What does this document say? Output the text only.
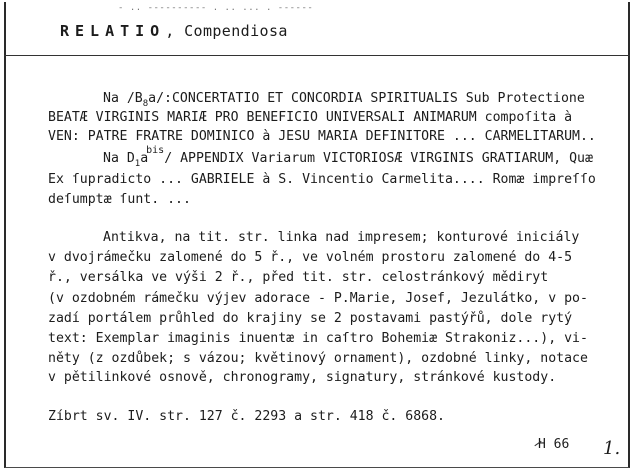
- .. ---------- . .. ... . ------
RELATIO, Compendiosa
Na $/B_8a/:CONCERTATIO$ ET CONCORDIA SPIRITUALIS Sub Protectione
BEATÆ VIRGINIS MARIÆ PRO BENEFICIO UNIVERSALI ANIMARUM compoſita à
VEN: PATRE FRATRE DOMINICO à JESU MARIA DEFINITORE ... CARMELITARUM..
Na $D_1a^{bis}/$ APPENDIX Variarum VICTORIOSÆ VIRGINIS GRATIARUM, Quæ
Ex ſupradicto ... GABRIELE à S. Vincentio Carmelita.... Romæ impreſſo
deſumptæ ſunt. ...
Antikva, na tit. str. linka nad impresem; konturové iniciály
v dvojrámečku zalomené do 5 ř., ve volném prostoru zalomené do 4-5
ř., versálka ve výši 2 ř., před tit. str. celostránkový mědiryt
(v ozdobném rámečku výjev adorace - P.Marie, Josef, Jezulátko, v po-
zadí portálem průhled do krajiny se 2 postavami pastýřů, dole rytý
text: Exemplar imaginis inuentæ in caſtro Bohemiæ Strakoniz...), vi-
něty (z ozdůbek; s vázou; květinový ornament), ozdobné linky, notace
v pětilinkové osnově, chronogramy, signatury, stránkové kustody.
Zíbrt sv. IV. str. 127 č. 2293 a str. 418 č. 6868.
H 66 1.
